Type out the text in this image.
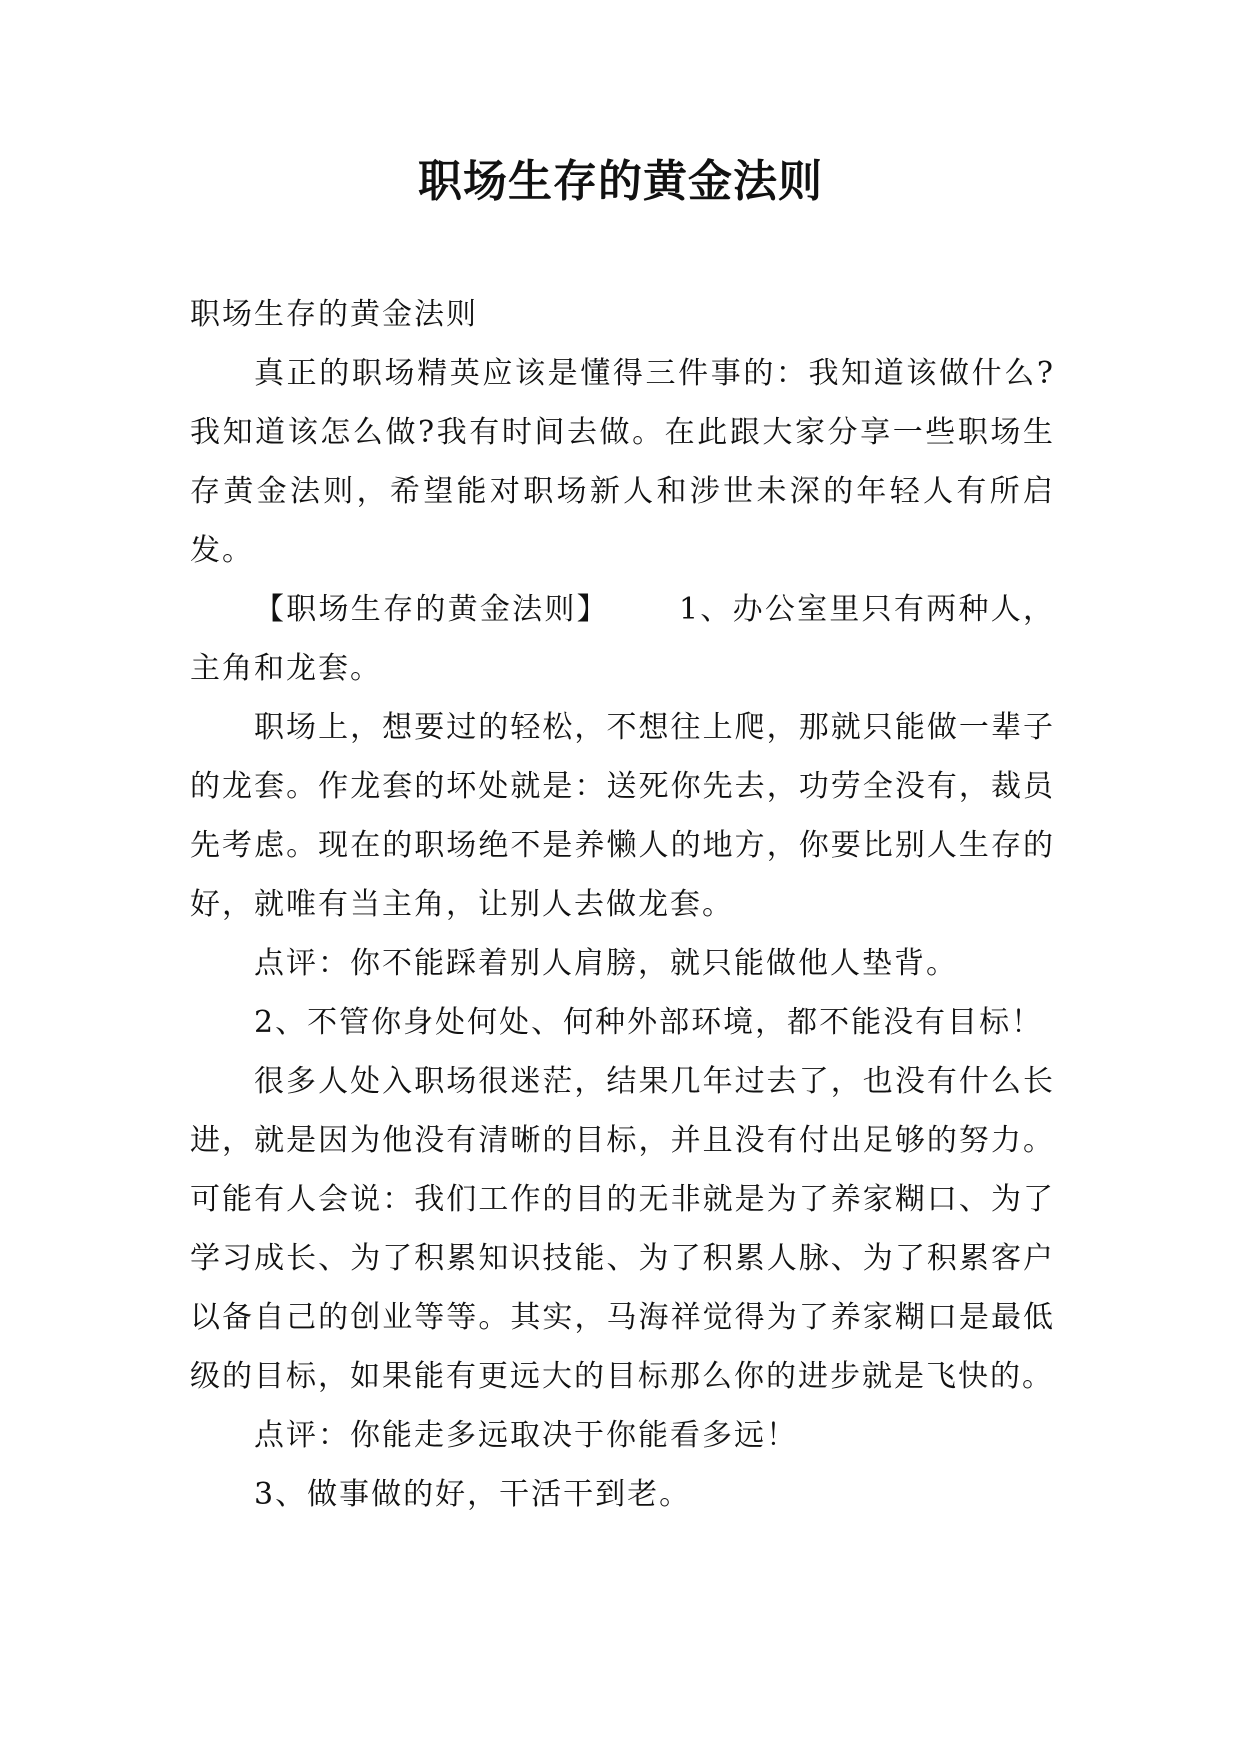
职场生存的黄金法则

职场生存的黄金法则

真正的职场精英应该是懂得三件事的：我知道该做什么?我知道该怎么做?我有时间去做。在此跟大家分享一些职场生存黄金法则，希望能对职场新人和涉世未深的年轻人有所启发。

【职场生存的黄金法则】 1、办公室里只有两种人，主角和龙套。

职场上，想要过的轻松，不想往上爬，那就只能做一辈子的龙套。作龙套的坏处就是：送死你先去，功劳全没有，裁员先考虑。现在的职场绝不是养懒人的地方，你要比别人生存的好，就唯有当主角，让别人去做龙套。

点评：你不能踩着别人肩膀，就只能做他人垫背。

2、不管你身处何处、何种外部环境，都不能没有目标！

很多人处入职场很迷茫，结果几年过去了，也没有什么长进，就是因为他没有清晰的目标，并且没有付出足够的努力。可能有人会说：我们工作的目的无非就是为了养家糊口、为了学习成长、为了积累知识技能、为了积累人脉、为了积累客户以备自己的创业等等。其实，马海祥觉得为了养家糊口是最低级的目标，如果能有更远大的目标那么你的进步就是飞快的。

点评：你能走多远取决于你能看多远！

3、做事做的好，干活干到老。
